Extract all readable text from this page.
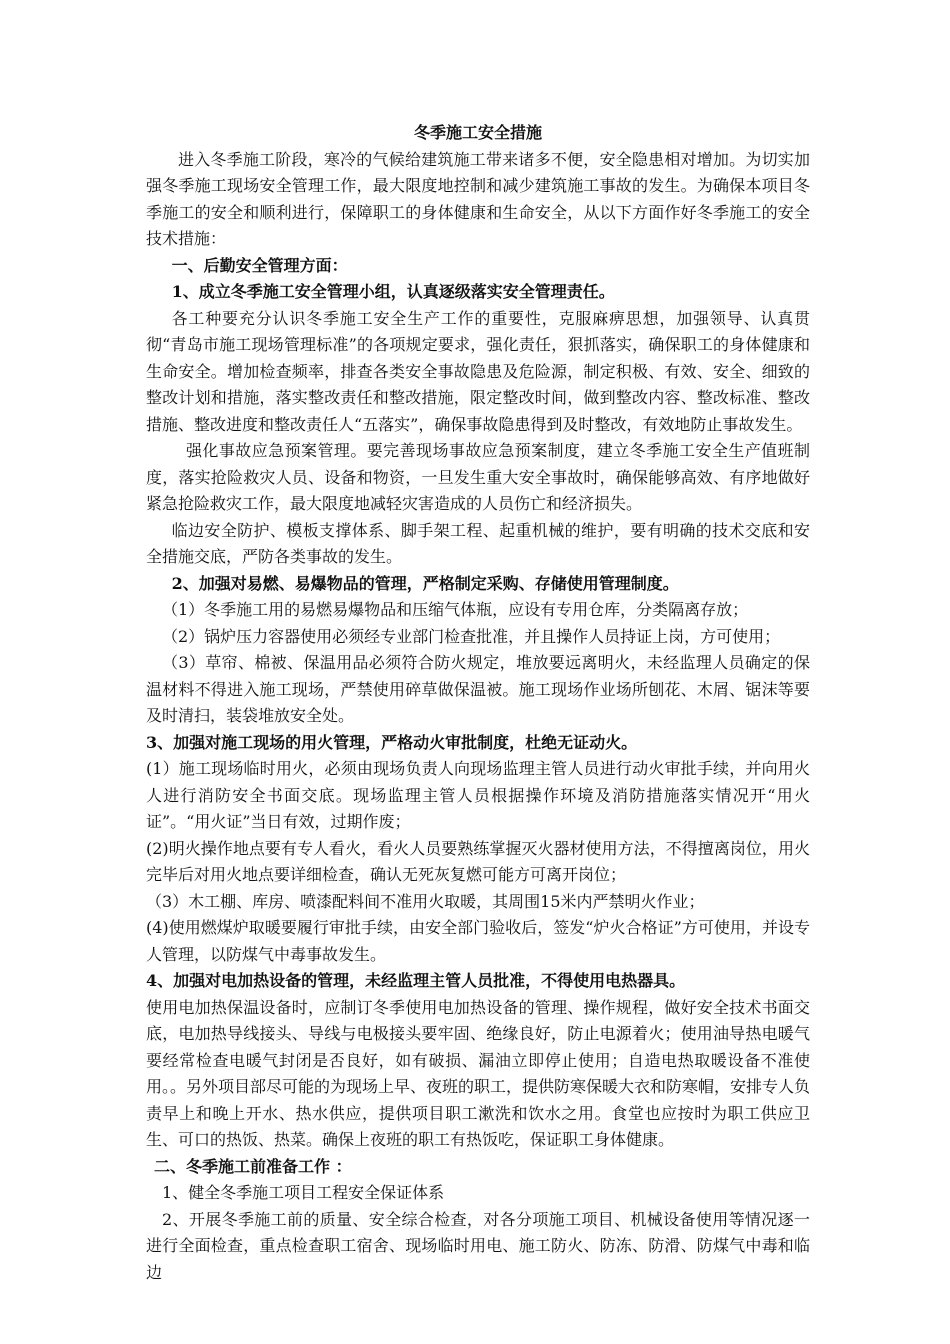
冬季施工安全措施

进入冬季施工阶段，寒冷的气候给建筑施工带来诸多不便，安全隐患相对增加。为切实加强冬季施工现场安全管理工作，最大限度地控制和减少建筑施工事故的发生。为确保本项目冬季施工的安全和顺利进行，保障职工的身体健康和生命安全，从以下方面作好冬季施工的安全技术措施：

一、后勤安全管理方面：

1、成立冬季施工安全管理小组，认真逐级落实安全管理责任。

各工种要充分认识冬季施工安全生产工作的重要性，克服麻痹思想，加强领导、认真贯彻“青岛市施工现场管理标准”的各项规定要求，强化责任，狠抓落实，确保职工的身体健康和生命安全。增加检查频率，排查各类安全事故隐患及危险源，制定积极、有效、安全、细致的整改计划和措施，落实整改责任和整改措施，限定整改时间，做到整改内容、整改标准、整改措施、整改进度和整改责任人“五落实”，确保事故隐患得到及时整改，有效地防止事故发生。

强化事故应急预案管理。要完善现场事故应急预案制度，建立冬季施工安全生产值班制度，落实抢险救灾人员、设备和物资，一旦发生重大安全事故时，确保能够高效、有序地做好紧急抢险救灾工作，最大限度地减轻灾害造成的人员伤亡和经济损失。

临边安全防护、模板支撑体系、脚手架工程、起重机械的维护，要有明确的技术交底和安全措施交底，严防各类事故的发生。

2、加强对易燃、易爆物品的管理，严格制定采购、存储使用管理制度。

（1）冬季施工用的易燃易爆物品和压缩气体瓶，应设有专用仓库，分类隔离存放；

（2）锅炉压力容器使用必须经专业部门检查批准，并且操作人员持证上岗，方可使用；

（3）草帘、棉被、保温用品必须符合防火规定，堆放要远离明火，未经监理人员确定的保温材料不得进入施工现场，严禁使用碎草做保温被。施工现场作业场所刨花、木屑、锯沫等要及时清扫，装袋堆放安全处。

3、加强对施工现场的用火管理，严格动火审批制度，杜绝无证动火。

(1）施工现场临时用火，必须由现场负责人向现场监理主管人员进行动火审批手续，并向用火人进行消防安全书面交底。现场监理主管人员根据操作环境及消防措施落实情况开“用火证”。“用火证”当日有效，过期作废；

(2)明火操作地点要有专人看火，看火人员要熟练掌握灭火器材使用方法，不得擅离岗位，用火完毕后对用火地点要详细检查，确认无死灰复燃可能方可离开岗位；

（3）木工棚、库房、喷漆配料间不准用火取暖，其周围15米内严禁明火作业；

(4)使用燃煤炉取暖要履行审批手续，由安全部门验收后，签发“炉火合格证”方可使用，并设专人管理，以防煤气中毒事故发生。

4、加强对电加热设备的管理，未经监理主管人员批准，不得使用电热器具。

使用电加热保温设备时，应制订冬季使用电加热设备的管理、操作规程，做好安全技术书面交底，电加热导线接头、导线与电极接头要牢固、绝缘良好，防止电源着火；使用油导热电暖气要经常检查电暖气封闭是否良好，如有破损、漏油立即停止使用；自造电热取暖设备不准使用。。另外项目部尽可能的为现场上早、夜班的职工，提供防寒保暖大衣和防寒帽，安排专人负责早上和晚上开水、热水供应，提供项目职工漱洗和饮水之用。食堂也应按时为职工供应卫生、可口的热饭、热菜。确保上夜班的职工有热饭吃，保证职工身体健康。

二、冬季施工前准备工作 ：

1、健全冬季施工项目工程安全保证体系

2、开展冬季施工前的质量、安全综合检查，对各分项施工项目、机械设备使用等情况逐一进行全面检查，重点检查职工宿舍、现场临时用电、施工防火、防冻、防滑、防煤气中毒和临边
